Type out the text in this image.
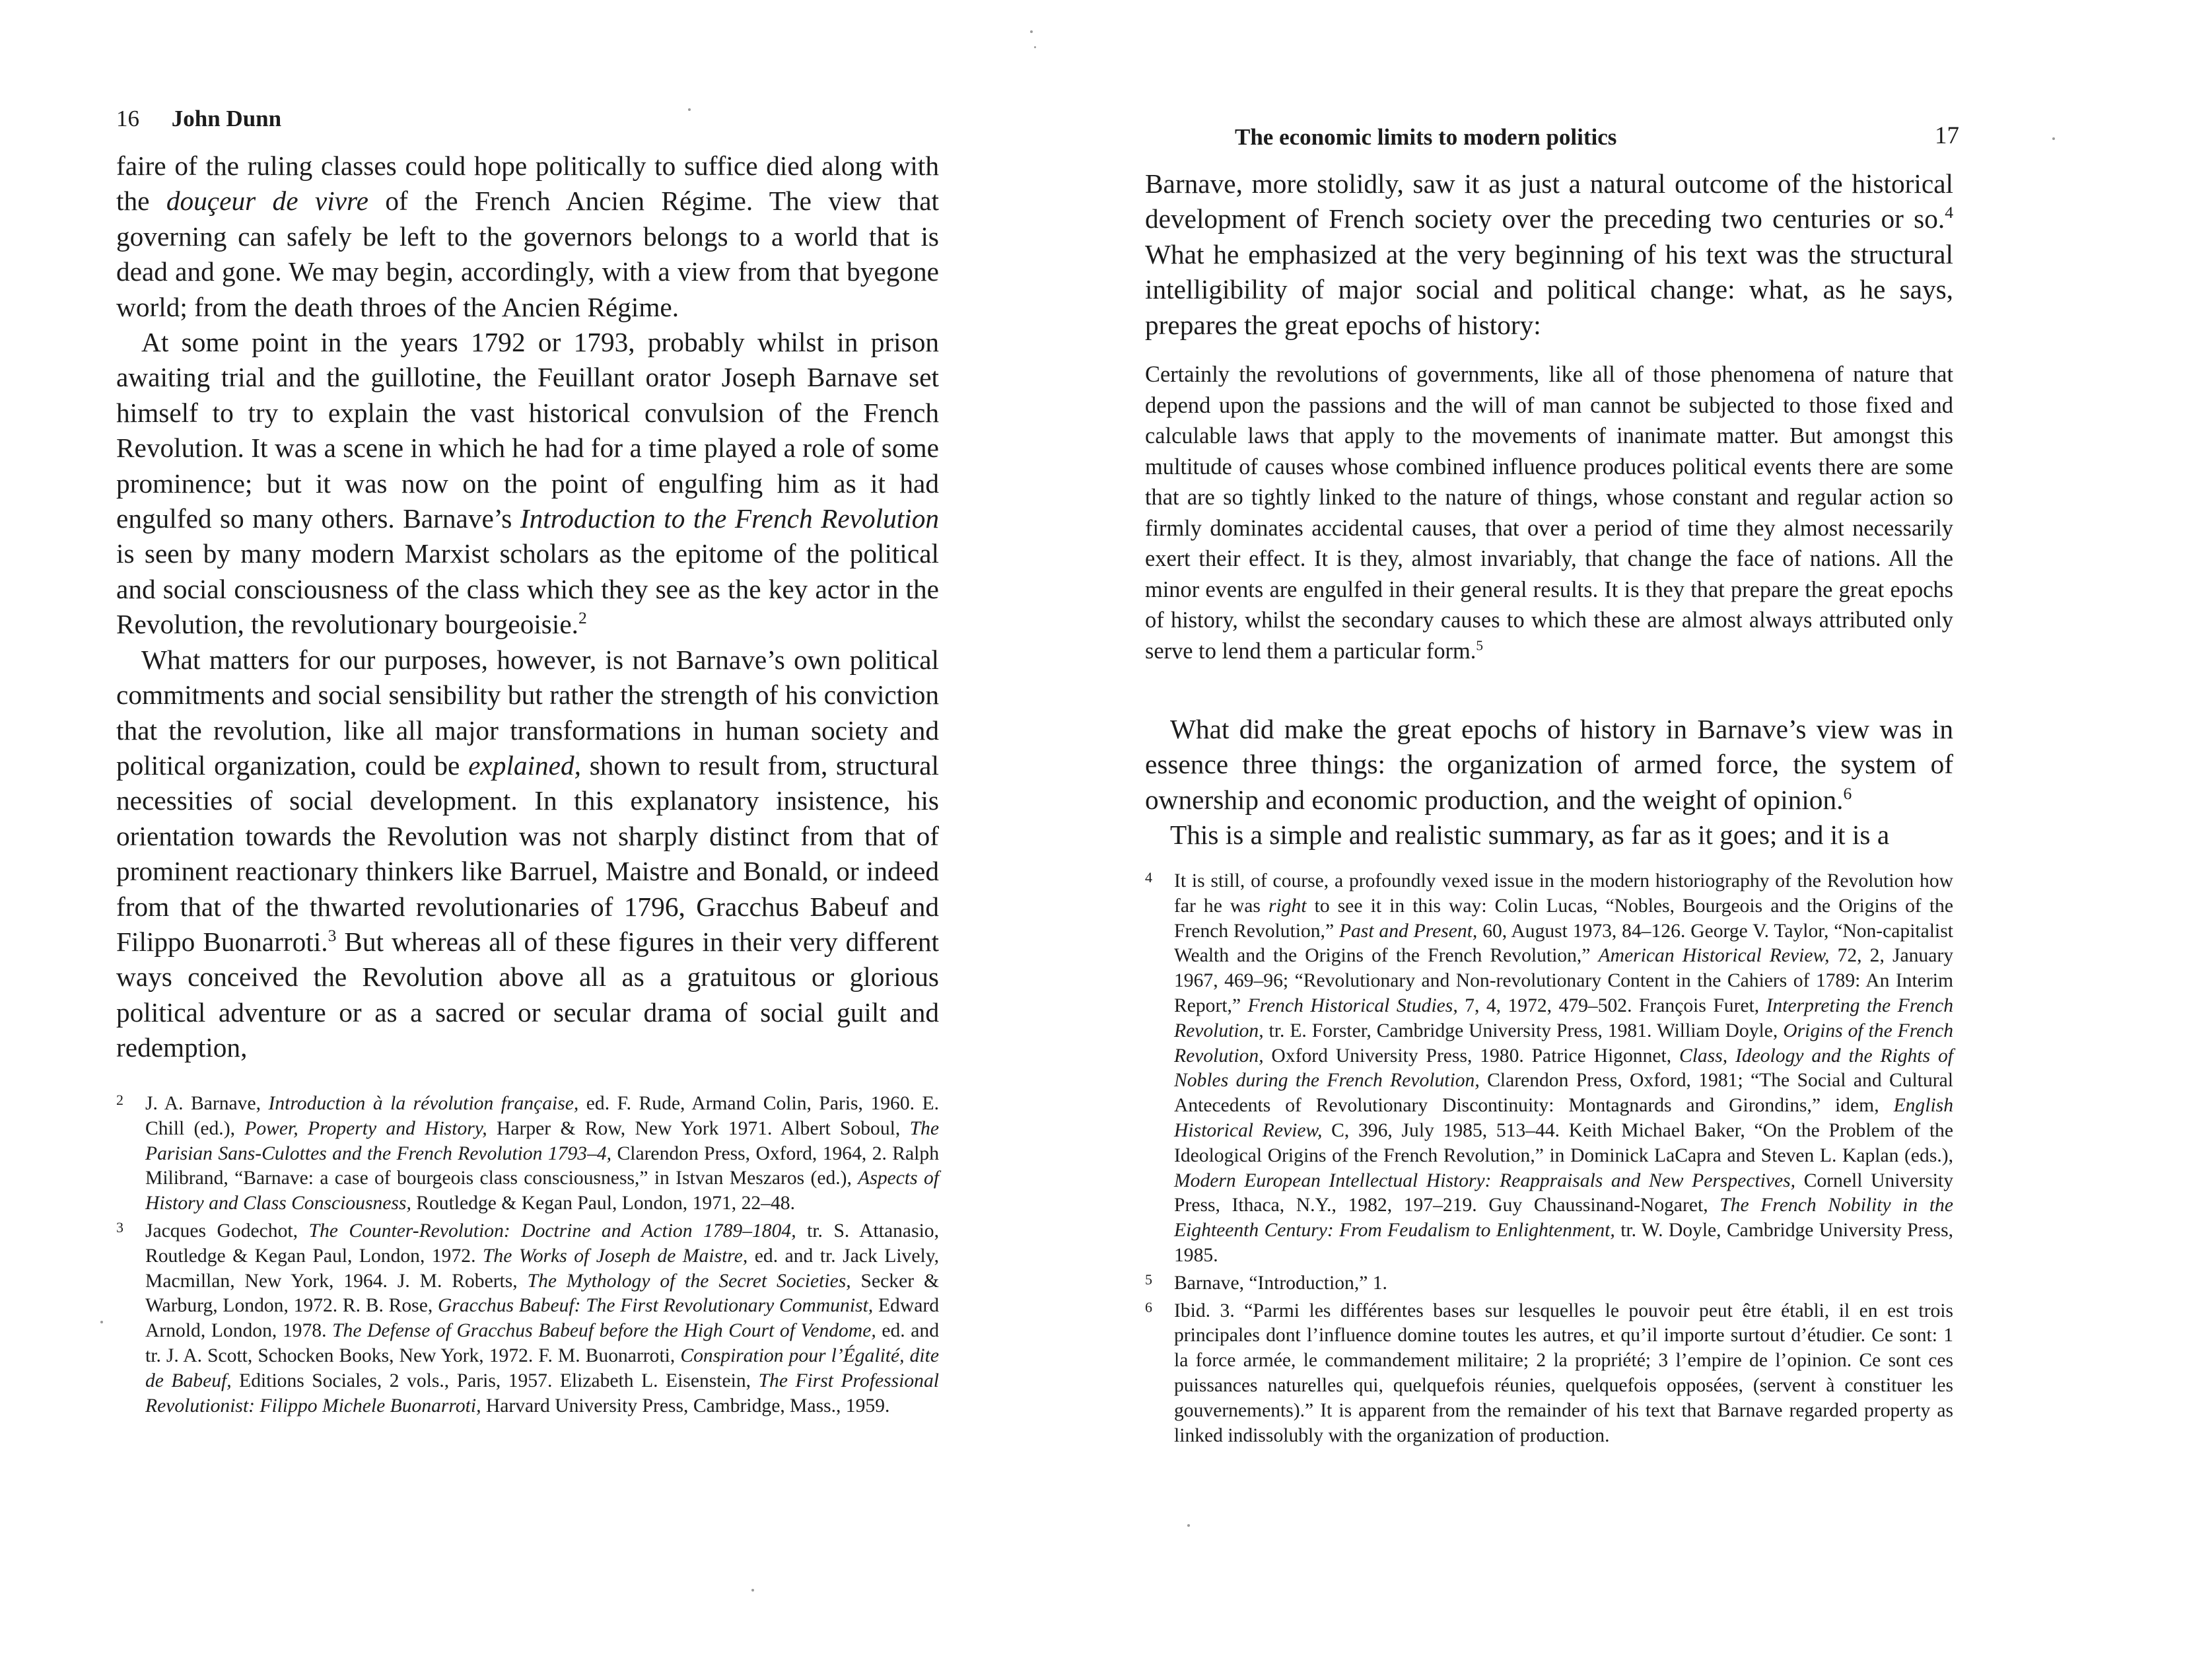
16 John Dunn

faire of the ruling classes could hope politically to suffice died along with the douçeur de vivre of the French Ancien Régime. The view that governing can safely be left to the governors belongs to a world that is dead and gone. We may begin, accordingly, with a view from that byegone world; from the death throes of the Ancien Régime.

At some point in the years 1792 or 1793, probably whilst in prison awaiting trial and the guillotine, the Feuillant orator Joseph Barnave set himself to try to explain the vast historical convulsion of the French Revolution. It was a scene in which he had for a time played a role of some prominence; but it was now on the point of engulfing him as it had engulfed so many others. Barnave’s Introduction to the French Revolution is seen by many modern Marxist scholars as the epitome of the political and social consciousness of the class which they see as the key actor in the Revolution, the revolutionary bourgeoisie.$^2$

What matters for our purposes, however, is not Barnave’s own political commitments and social sensibility but rather the strength of his conviction that the revolution, like all major transformations in human society and political organization, could be explained, shown to result from, structural necessities of social development. In this explanatory insistence, his orientation towards the Revolution was not sharply distinct from that of prominent reactionary thinkers like Barruel, Maistre and Bonald, or indeed from that of the thwarted revolutionaries of 1796, Gracchus Babeuf and Filippo Buonarroti.$^3$ But whereas all of these figures in their very different ways conceived the Revolution above all as a gratuitous or glorious political adventure or as a sacred or secular drama of social guilt and redemption,

2 J. A. Barnave, Introduction à la révolution française, ed. F. Rude, Armand Colin, Paris, 1960. E. Chill (ed.), Power, Property and History, Harper & Row, New York 1971. Albert Soboul, The Parisian Sans-Culottes and the French Revolution 1793–4, Clarendon Press, Oxford, 1964, 2. Ralph Milibrand, “Barnave: a case of bourgeois class consciousness,” in Istvan Meszaros (ed.), Aspects of History and Class Consciousness, Routledge & Kegan Paul, London, 1971, 22–48.
3 Jacques Godechot, The Counter-Revolution: Doctrine and Action 1789–1804, tr. S. Attanasio, Routledge & Kegan Paul, London, 1972. The Works of Joseph de Maistre, ed. and tr. Jack Lively, Macmillan, New York, 1964. J. M. Roberts, The Mythology of the Secret Societies, Secker & Warburg, London, 1972. R. B. Rose, Gracchus Babeuf: The First Revolutionary Communist, Edward Arnold, London, 1978. The Defense of Gracchus Babeuf before the High Court of Vendome, ed. and tr. J. A. Scott, Schocken Books, New York, 1972. F. M. Buonarroti, Conspiration pour l’Égalité, dite de Babeuf, Editions Sociales, 2 vols., Paris, 1957. Elizabeth L. Eisenstein, The First Professional Revolutionist: Filippo Michele Buonarroti, Harvard University Press, Cambridge, Mass., 1959.
The economic limits to modern politics	17

Barnave, more stolidly, saw it as just a natural outcome of the historical development of French society over the preceding two centuries or so.$^4$ What he emphasized at the very beginning of his text was the structural intelligibility of major social and political change: what, as he says, prepares the great epochs of history:

Certainly the revolutions of governments, like all of those phenomena of nature that depend upon the passions and the will of man cannot be subjected to those fixed and calculable laws that apply to the movements of inanimate matter. But amongst this multitude of causes whose combined influence produces political events there are some that are so tightly linked to the nature of things, whose constant and regular action so firmly dominates accidental causes, that over a period of time they almost necessarily exert their effect. It is they, almost invariably, that change the face of nations. All the minor events are engulfed in their general results. It is they that prepare the great epochs of history, whilst the secondary causes to which these are almost always attributed only serve to lend them a particular form.$^5$

What did make the great epochs of history in Barnave’s view was in essence three things: the organization of armed force, the system of ownership and economic production, and the weight of opinion.$^6$

This is a simple and realistic summary, as far as it goes; and it is a

4 It is still, of course, a profoundly vexed issue in the modern historiography of the Revolution how far he was right to see it in this way: Colin Lucas, “Nobles, Bourgeois and the Origins of the French Revolution,” Past and Present, 60, August 1973, 84–126. George V. Taylor, “Non-capitalist Wealth and the Origins of the French Revolution,” American Historical Review, 72, 2, January 1967, 469–96; “Revolutionary and Non-revolutionary Content in the Cahiers of 1789: An Interim Report,” French Historical Studies, 7, 4, 1972, 479–502. François Furet, Interpreting the French Revolution, tr. E. Forster, Cambridge University Press, 1981. William Doyle, Origins of the French Revolution, Oxford University Press, 1980. Patrice Higonnet, Class, Ideology and the Rights of Nobles during the French Revolution, Clarendon Press, Oxford, 1981; “The Social and Cultural Antecedents of Revolutionary Discontinuity: Montagnards and Girondins,” idem, English Historical Review, C, 396, July 1985, 513–44. Keith Michael Baker, “On the Problem of the Ideological Origins of the French Revolution,” in Dominick LaCapra and Steven L. Kaplan (eds.), Modern European Intellectual History: Reappraisals and New Perspectives, Cornell University Press, Ithaca, N.Y., 1982, 197–219. Guy Chaussinand-Nogaret, The French Nobility in the Eighteenth Century: From Feudalism to Enlightenment, tr. W. Doyle, Cambridge University Press, 1985.
5 Barnave, “Introduction,” 1.
6 Ibid. 3. “Parmi les différentes bases sur lesquelles le pouvoir peut être établi, il en est trois principales dont l’influence domine toutes les autres, et qu’il importe surtout d’étudier. Ce sont: 1 la force armée, le commandement militaire; 2 la propriété; 3 l’empire de l’opinion. Ce sont ces puissances naturelles qui, quelquefois réunies, quelquefois opposées, (servent à constituer les gouvernements).” It is apparent from the remainder of his text that Barnave regarded property as linked indissolubly with the organization of production.
